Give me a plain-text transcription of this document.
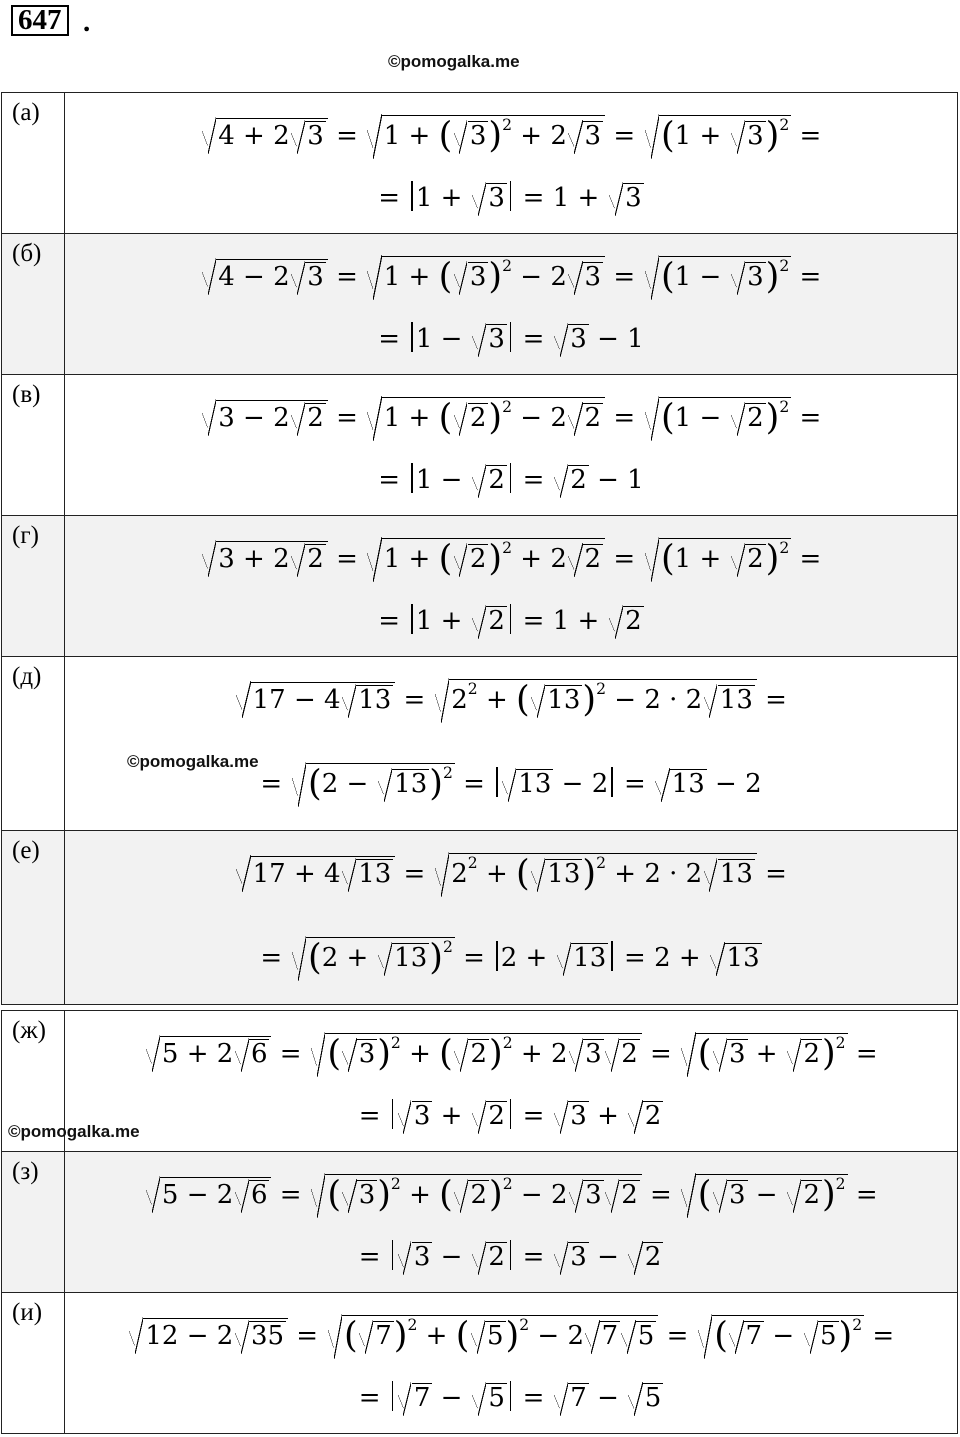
647 .
©pomogalka.me
(а)	4 + 2 3 = 1 + ( 3)$^2$ + 2 $3 = (1 + 3)^2$ =
= 1 + 3 = 1 + 3

(б)	4 − 2 3 = 1 + ( 3)$^2$ − 2 $3 = (1 - 3)^2$ =
= 1 − 3 = 3 − 1

(в)	3 − 2 2 = 1 + ( 2)$^2$ − 2 $2 = (1 - 2)^2$ =
= 1 − 2 = 2 − 1

(г)	3 + 2 2 = 1 + ( 2)$^2$ + 2 $2 = (1 + 2)^2$ =
= 1 + 2 = 1 + 2

(д)	17 − 4 $13 = 2^2$ + ( 13)$^2$ − 2 · 2 13 =
= $(2 - 13)^2 = 13 - 2 = 13 - 2$

(е)	17 + 4 $13 = 2^2$ + ( 13)$^2$ + 2 · 2 13 =
= $(2 + 13)^2 = 2 + 13 = 2 + 13$
©pomogalka.me
(ж)	5 + 2 6 = ( 3)$^2$ + ( 2)$^2$ + 2 3 2 = ( 3 + 2)$^2$ =
= 3 + 2 = 3 + 2

(з)	5 − 2 6 = ( 3)$^2$ + ( 2)$^2$ − 2 3 2 = ( 3 − 2)$^2$ =
= 3 − 2 = 3 − 2

(и)	12 − 2 35 = ( 7)$^2$ + ( 5)$^2$ − 2 7 5 = ( 7 − 5)$^2$ =
= 7 − 5 = 7 − 5
©pomogalka.me
